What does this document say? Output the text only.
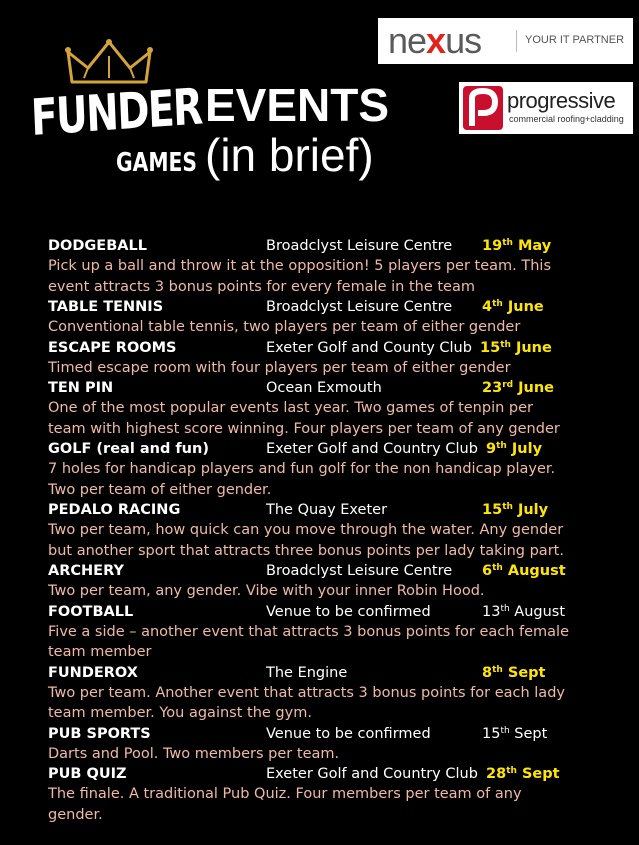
FUNDER
GAMES
EVENTS
(in brief)
nexus	YOUR IT PARTNER
progressive
commercial roofing+cladding
DODGEBALL	Broadclyst Leisure Centre 19th May
Pick up a ball and throw it at the opposition! 5 players per team. This
event attracts 3 bonus points for every female in the team
TABLE TENNIS	Broadclyst Leisure Centre 4th June
Conventional table tennis, two players per team of either gender
ESCAPE ROOMS	Exeter Golf and County Club 15th June
Timed escape room with four players per team of either gender
TEN PIN	Ocean Exmouth	23rd June
One of the most popular events last year. Two games of tenpin per
team with highest score winning. Four players per team of any gender
GOLF (real and fun)	Exeter Golf and Country Club 9th July
7 holes for handicap players and fun golf for the non handicap player.
Two per team of either gender.
PEDALO RACING	The Quay Exeter	15th July
Two per team, how quick can you move through the water. Any gender
but another sport that attracts three bonus points per lady taking part.
ARCHERY	Broadclyst Leisure Centre 6th August
Two per team, any gender. Vibe with your inner Robin Hood.
FOOTBALL	Venue to be confirmed	13th August
Five a side – another event that attracts 3 bonus points for each female
team member
FUNDEROX	The Engine	8th Sept
Two per team. Another event that attracts 3 bonus points for each lady
team member. You against the gym.
PUB SPORTS	Venue to be confirmed	15th Sept
Darts and Pool. Two members per team.
PUB QUIZ	Exeter Golf and Country Club 28th Sept
The finale. A traditional Pub Quiz. Four members per team of any
gender.
